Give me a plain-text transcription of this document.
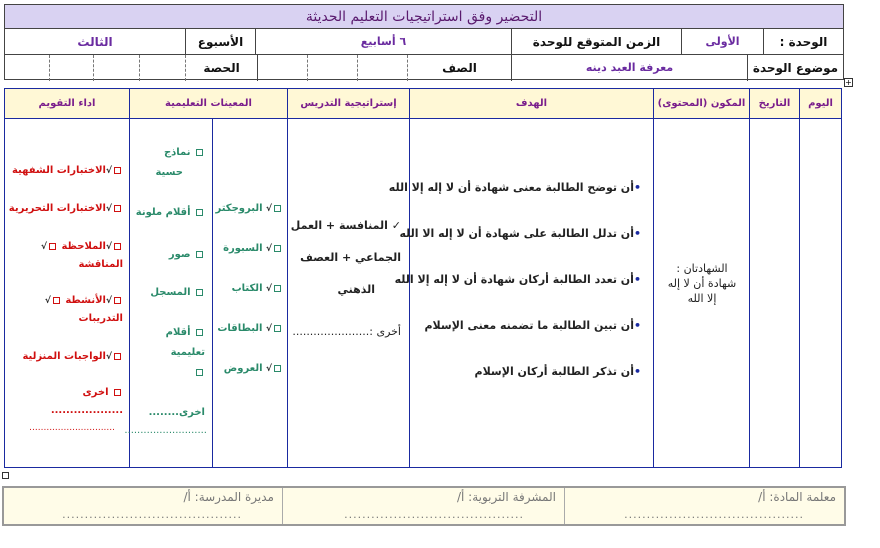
التحضير وفق استراتيجيات التعليم الحديثة
الوحدة :
الأولى
الزمن المتوقع للوحدة
٦ أسابيع
الأسبوع
الثالث
موضوع الوحدة
معرفة العبد دينه
الصف
الحصة
+
اليوم
التاريخ
المكون (المحتوى)
الشهادتان : شهادة أن لا إله إلا الله
الهدف
•أن توضح الطالبة معنى شهادة أن لا إله إلا الله
•أن تدلل الطالبة على شهادة أن لا إله الا الله
•أن تعدد الطالبة أركان شهادة أن لا إله إلا الله
•أن تبين الطالبة ما تضمنه معنى الإسلام
•أن تذكر الطالبة أركان الإسلام
إستراتيجية التدريس
✓ المنافسة + العمل
الجماعي + العصف
الذهني
أخرى :......................
المعينات التعليمية
√ البروجكتر
√ السبورة
√ الكتاب
√ البطاقات
√ العروض
نماذج
حسية
أقلام ملونة
صور
المسجل
أقلام
تعليمية
اخرى........
..........................
اداء التقويم
√الاختبارات الشفهية
√الاختبارات التحريرية
√الملاحظة √
المناقشة
√الأنشطة √
التدريبات
√الواجبات المنزلية
اخرى
...................
..............................
معلمة المادة: أ/
........................................
المشرفة التربوية: أ/
........................................
مديرة المدرسة: أ/
........................................
